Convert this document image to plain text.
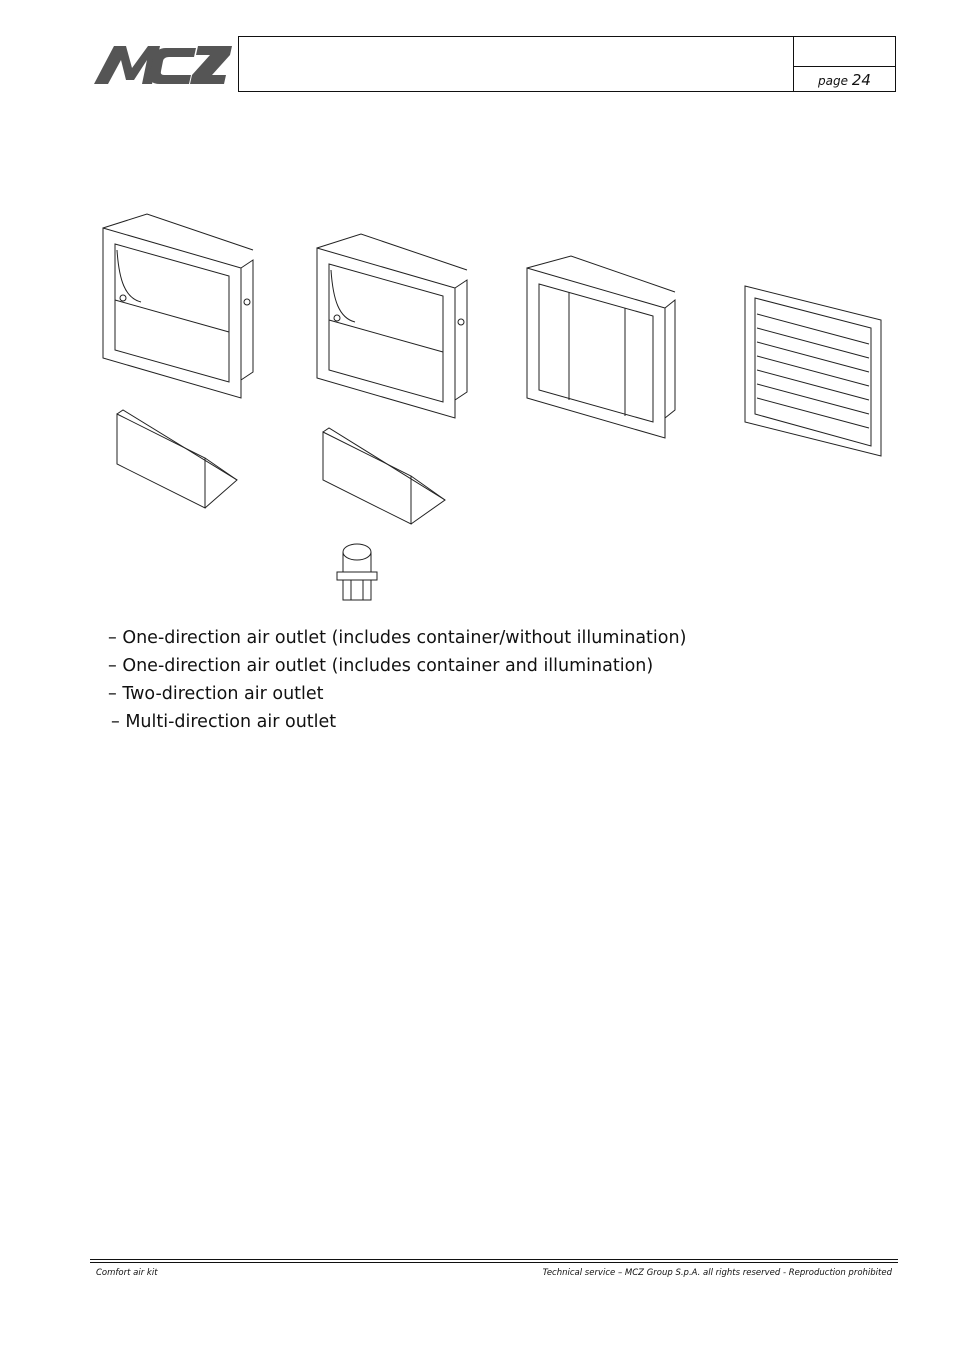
page 24
– One-direction air outlet (includes container/without illumination)
– One-direction air outlet (includes container and illumination)
– Two-direction air outlet
– Multi-direction air outlet
Comfort air kit	Technical service – MCZ Group S.p.A. all rights reserved - Reproduction prohibited
